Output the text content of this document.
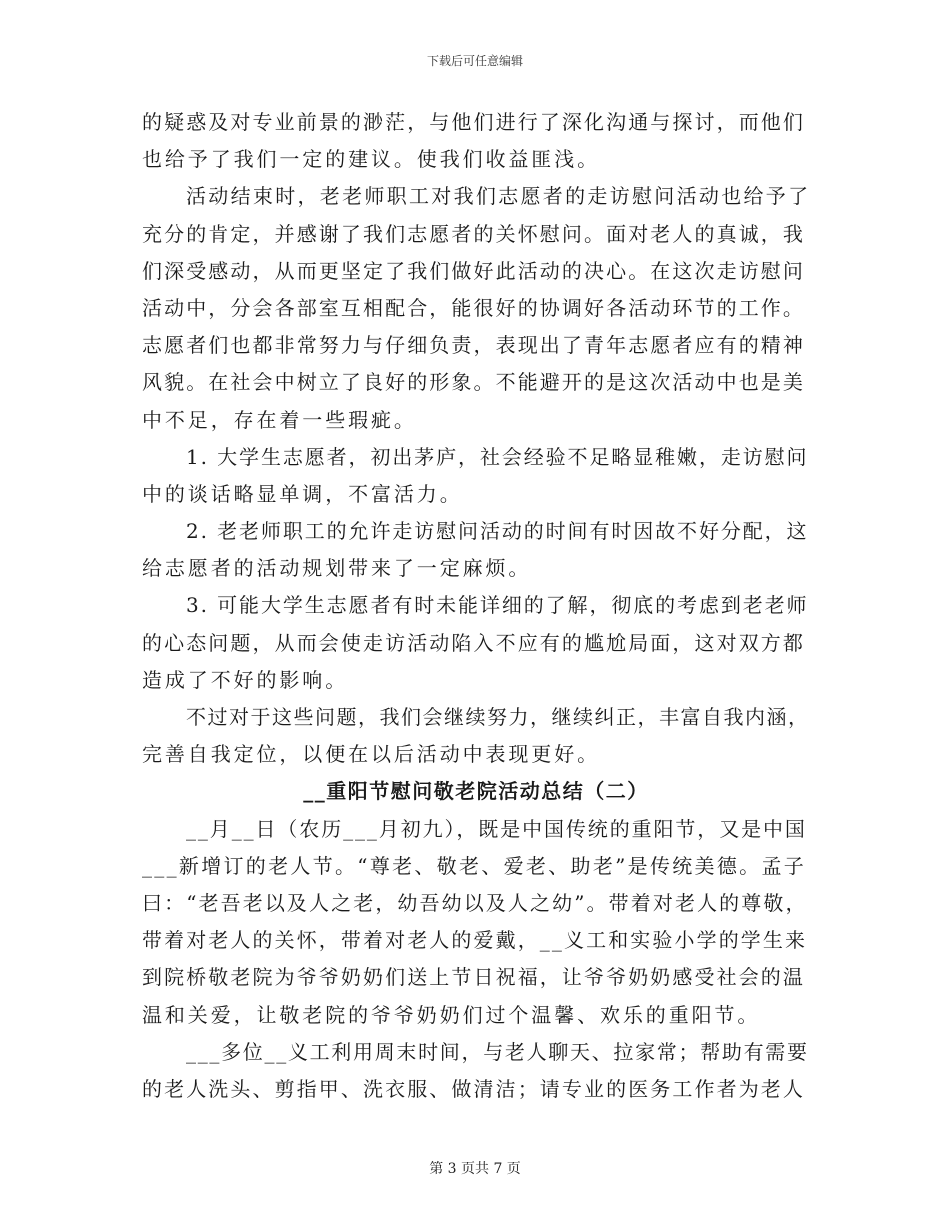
下载后可任意编辑
的疑惑及对专业前景的渺茫，与他们进行了深化沟通与探讨，而他们
也给予了我们一定的建议。使我们收益匪浅。
活动结束时，老老师职工对我们志愿者的走访慰问活动也给予了
充分的肯定，并感谢了我们志愿者的关怀慰问。面对老人的真诚，我
们深受感动，从而更坚定了我们做好此活动的决心。在这次走访慰问
活动中，分会各部室互相配合，能很好的协调好各活动环节的工作。
志愿者们也都非常努力与仔细负责，表现出了青年志愿者应有的精神
风貌。在社会中树立了良好的形象。不能避开的是这次活动中也是美
中不足，存在着一些瑕疵。
1. 大学生志愿者，初出茅庐，社会经验不足略显稚嫩，走访慰问
中的谈话略显单调，不富活力。
2. 老老师职工的允许走访慰问活动的时间有时因故不好分配，这
给志愿者的活动规划带来了一定麻烦。
3. 可能大学生志愿者有时未能详细的了解，彻底的考虑到老老师
的心态问题，从而会使走访活动陷入不应有的尴尬局面，这对双方都
造成了不好的影响。
不过对于这些问题，我们会继续努力，继续纠正，丰富自我内涵，
完善自我定位，以便在以后活动中表现更好。
__重阳节慰问敬老院活动总结（二）
__月__日（农历___月初九），既是中国传统的重阳节，又是中国
___新增订的老人节。“尊老、敬老、爱老、助老”是传统美德。孟子
曰：“老吾老以及人之老，幼吾幼以及人之幼”。带着对老人的尊敬，
带着对老人的关怀，带着对老人的爱戴，__义工和实验小学的学生来
到院桥敬老院为爷爷奶奶们送上节日祝福，让爷爷奶奶感受社会的温
温和关爱，让敬老院的爷爷奶奶们过个温馨、欢乐的重阳节。
___多位__义工利用周末时间，与老人聊天、拉家常；帮助有需要
的老人洗头、剪指甲、洗衣服、做清洁；请专业的医务工作者为老人
第 3 页共 7 页
